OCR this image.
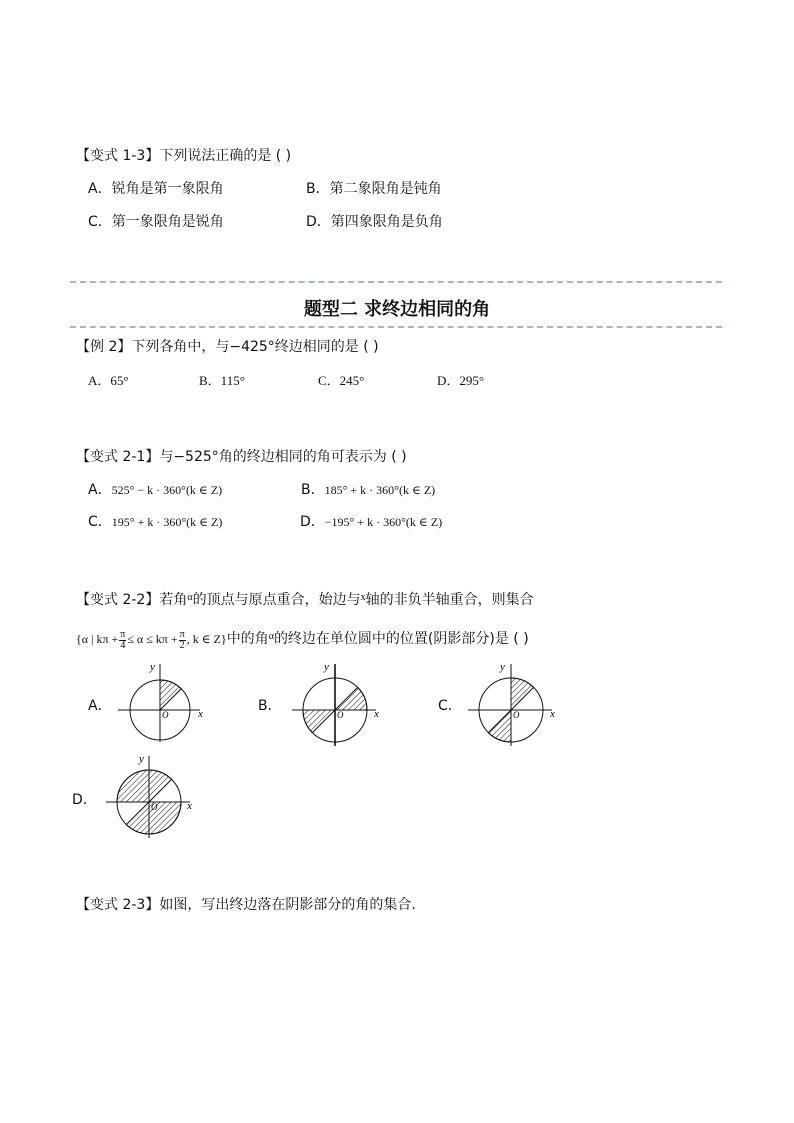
【变式 1-3】下列说法正确的是 ( )
A．锐角是第一象限角	B．第二象限角是钝角
C．第一象限角是锐角	D．第四象限角是负角
题型二 求终边相同的角
【例 2】下列各角中，与−425°终边相同的是 ( )
A．65°	B．115°	C．245°	D．295°
【变式 2-1】与−525°角的终边相同的角可表示为 ( )
A．525° − k · 360°(k ∈ Z)	B．185° + k · 360°(k ∈ Z)
C．195° + k · 360°(k ∈ Z)	D．−195° + k · 360°(k ∈ Z)
【变式 2-2】若角$^\alpha$的顶点与原点重合，始边与$^x$轴的非负半轴重合，则集合
{α | $k\pi + \frac{\pi}{4} \le \alpha \le k\pi + \frac{\pi}{2}$ , k ∈ Z}中的角$^\alpha$的终边在单位圆中的位置(阴影部分)是 ( )
A．	B．	C．
D．
x
y
O	x
y
O	x
y
O
x
y
O
【变式 2-3】如图，写出终边落在阴影部分的角的集合.
